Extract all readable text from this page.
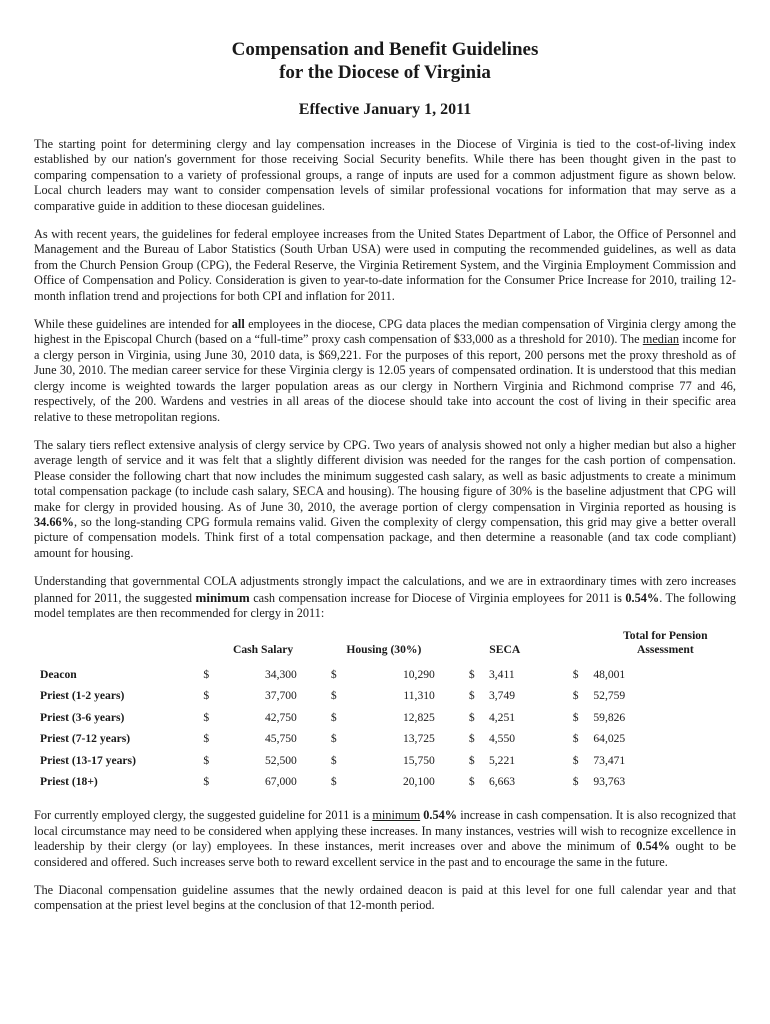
Compensation and Benefit Guidelines
for the Diocese of Virginia
Effective January 1, 2011

The starting point for determining clergy and lay compensation increases in the Diocese of Virginia is tied to the cost-of-living index established by our nation's government for those receiving Social Security benefits. While there has been thought given in the past to comparing compensation to a variety of professional groups, a range of inputs are used for a common adjustment figure as shown below. Local church leaders may want to consider compensation levels of similar professional vocations for information that may serve as a comparative guide in addition to these diocesan guidelines.

As with recent years, the guidelines for federal employee increases from the United States Department of Labor, the Office of Personnel and Management and the Bureau of Labor Statistics (South Urban USA) were used in computing the recommended guidelines, as well as data from the Church Pension Group (CPG), the Federal Reserve, the Virginia Retirement System, and the Virginia Employment Commission and Office of Compensation and Policy. Consideration is given to year-to-date information for the Consumer Price Increase for 2010, trailing 12-month inflation trend and projections for both CPI and inflation for 2011.

While these guidelines are intended for all employees in the diocese, CPG data places the median compensation of Virginia clergy among the highest in the Episcopal Church (based on a “full-time” proxy cash compensation of $33,000 as a threshold for 2010). The median income for a clergy person in Virginia, using June 30, 2010 data, is $69,221. For the purposes of this report, 200 persons met the proxy threshold as of June 30, 2010. The median career service for these Virginia clergy is 12.05 years of compensated ordination. It is understood that this median clergy income is weighted towards the larger population areas as our clergy in Northern Virginia and Richmond comprise 77 and 46, respectively, of the 200. Wardens and vestries in all areas of the diocese should take into account the cost of living in their specific area relative to these metropolitan regions.

The salary tiers reflect extensive analysis of clergy service by CPG. Two years of analysis showed not only a higher median but also a higher average length of service and it was felt that a slightly different division was needed for the ranges for the cash portion of compensation. Please consider the following chart that now includes the minimum suggested cash salary, as well as basic adjustments to create a minimum total compensation package (to include cash salary, SECA and housing). The housing figure of 30% is the baseline adjustment that CPG will make for clergy in provided housing. As of June 30, 2010, the average portion of clergy compensation in Virginia reported as housing is 34.66%, so the long-standing CPG formula remains valid. Given the complexity of clergy compensation, this grid may give a better overall picture of compensation models. Think first of a total compensation package, and then determine a reasonable (and tax code compliant) amount for housing.

Understanding that governmental COLA adjustments strongly impact the calculations, and we are in extraordinary times with zero increases planned for 2011, the suggested minimum cash compensation increase for Diocese of Virginia employees for 2011 is 0.54%. The following model templates are then recommended for clergy in 2011:

	Cash Salary		Housing (30%)		SECA		Total for Pension
Assessment	
Deacon	$	34,300	$	10,290	$	3,411	$	48,001
Priest (1-2 years)	$	37,700	$	11,310	$	3,749	$	52,759
Priest (3-6 years)	$	42,750	$	12,825	$	4,251	$	59,826
Priest (7-12 years)	$	45,750	$	13,725	$	4,550	$	64,025
Priest (13-17 years)	$	52,500	$	15,750	$	5,221	$	73,471
Priest (18+)	$	67,000	$	20,100	$	6,663	$	93,763

For currently employed clergy, the suggested guideline for 2011 is a minimum 0.54% increase in cash compensation. It is also recognized that local circumstance may need to be considered when applying these increases. In many instances, vestries will wish to recognize excellence in leadership by their clergy (or lay) employees. In these instances, merit increases over and above the minimum of 0.54% ought to be considered and offered. Such increases serve both to reward excellent service in the past and to encourage the same in the future.

The Diaconal compensation guideline assumes that the newly ordained deacon is paid at this level for one full calendar year and that compensation at the priest level begins at the conclusion of that 12-month period.
